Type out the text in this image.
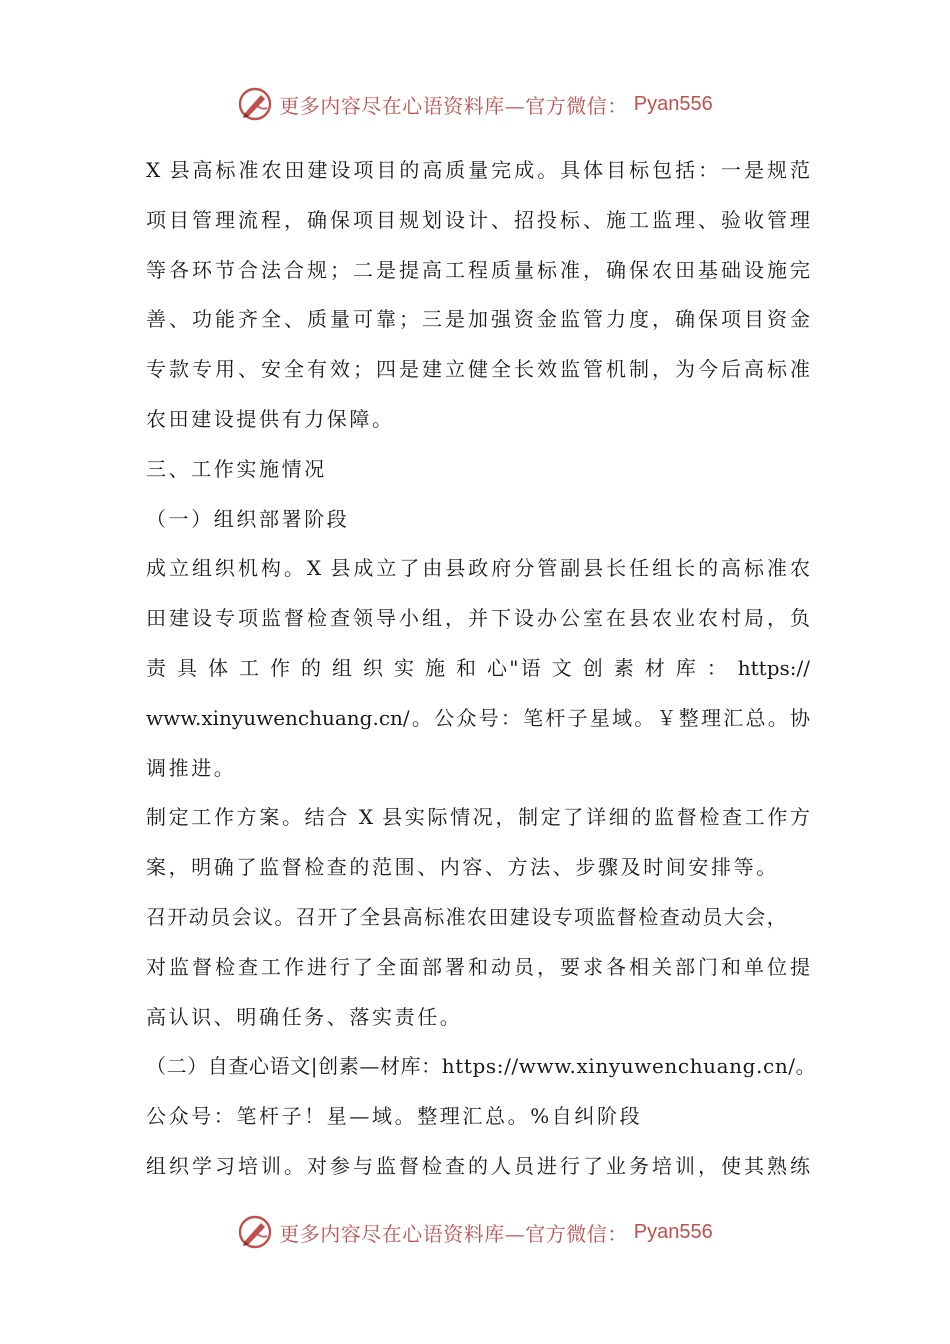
更多内容尽在心语资料库—官方微信： Pyan556
X 县高标准农田建设项目的高质量完成。具体目标包括：一是规范
项目管理流程，确保项目规划设计、招投标、施工监理、验收管理
等各环节合法合规；二是提高工程质量标准，确保农田基础设施完
善、功能齐全、质量可靠；三是加强资金监管力度，确保项目资金
专款专用、安全有效；四是建立健全长效监管机制，为今后高标准
农田建设提供有力保障。
三、工作实施情况
（一）组织部署阶段
成立组织机构。X 县成立了由县政府分管副县长任组长的高标准农
田建设专项监督检查领导小组，并下设办公室在县农业农村局，负
责 具 体 工 作 的 组 织 实 施 和 心"语 文 创 素 材 库 ： https://
www.xinyuwenchuang.cn/。公众号：笔杆子星域。￥整理汇总。协
调推进。
制定工作方案。结合 X 县实际情况，制定了详细的监督检查工作方
案，明确了监督检查的范围、内容、方法、步骤及时间安排等。
召开动员会议。召开了全县高标准农田建设专项监督检查动员大会，
对监督检查工作进行了全面部署和动员，要求各相关部门和单位提
高认识、明确任务、落实责任。
（二）自查心语文|创素—材库：https://www.xinyuwenchuang.cn/。
公众号：笔杆子！星—域。整理汇总。%自纠阶段
组织学习培训。对参与监督检查的人员进行了业务培训，使其熟练
更多内容尽在心语资料库—官方微信： Pyan556
